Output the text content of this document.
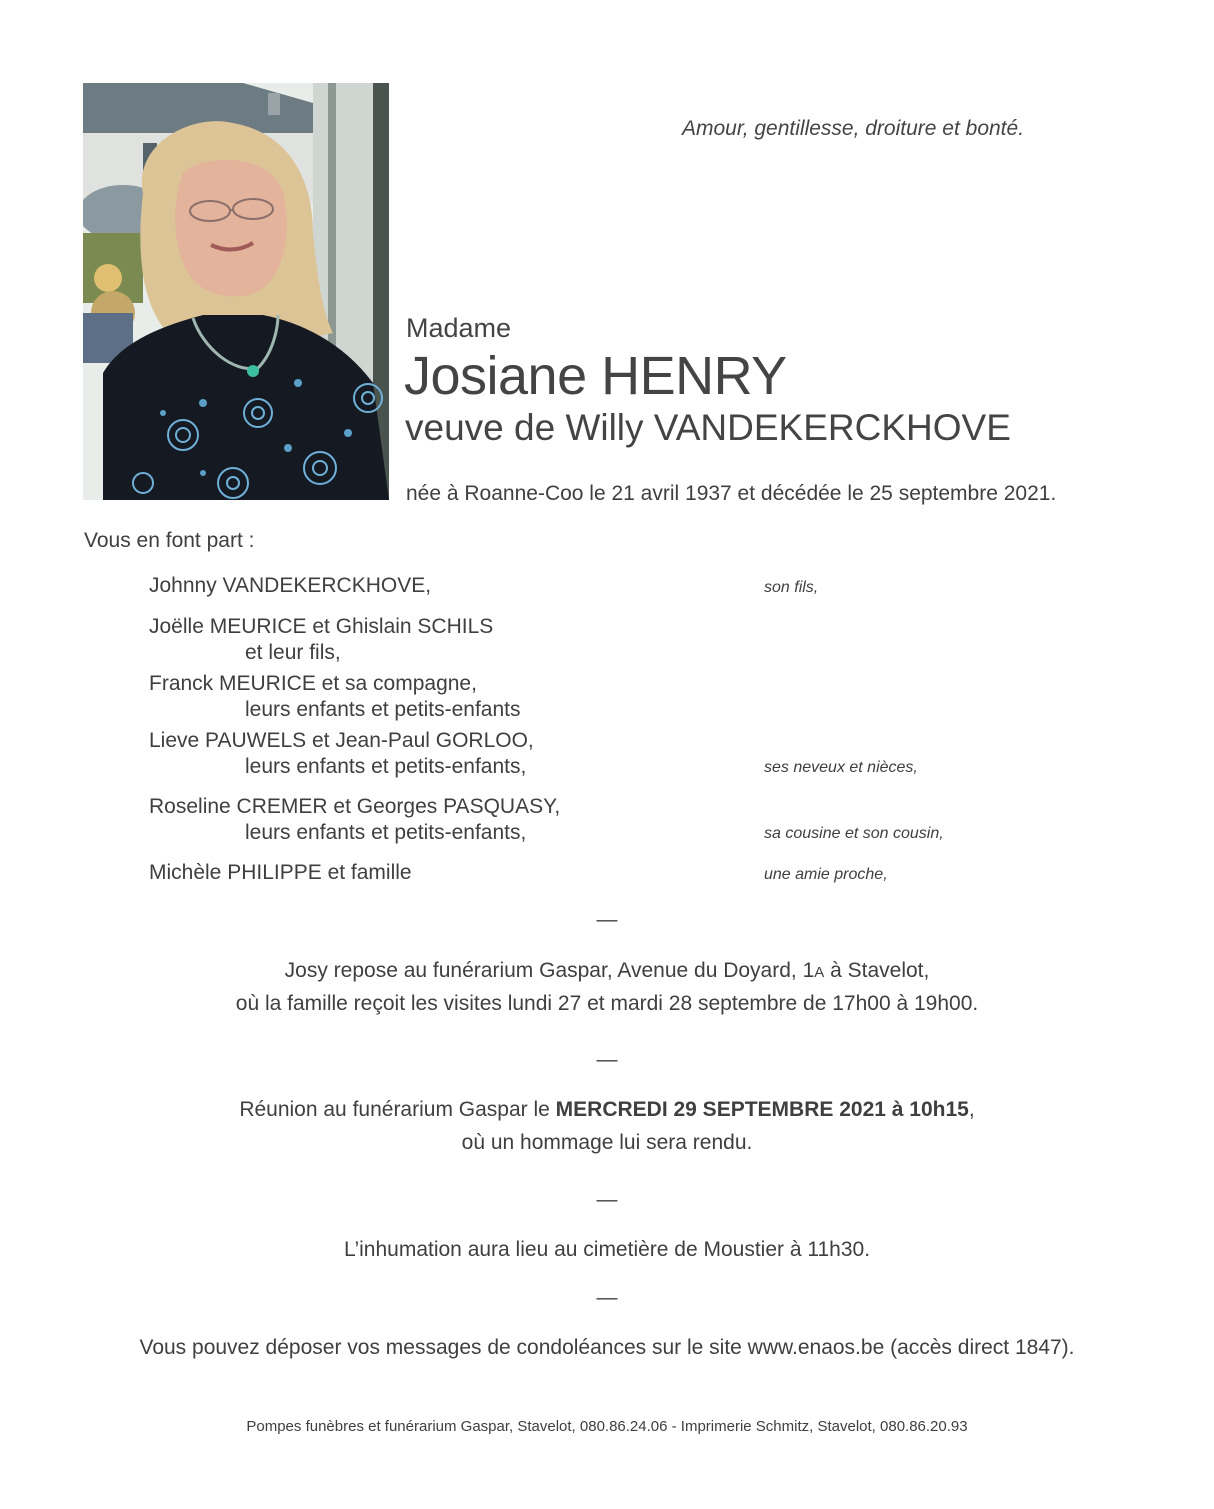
Amour, gentillesse, droiture et bonté.
Madame
Josiane HENRY
veuve de Willy VANDEKERCKHOVE
née à Roanne-Coo le 21 avril 1937 et décédée le 25 septembre 2021.
Vous en font part :
Johnny VANDEKERCKHOVE,	son fils,
Joëlle MEURICE et Ghislain SCHILS
et leur fils,
Franck MEURICE et sa compagne,
leurs enfants et petits-enfants
Lieve PAUWELS et Jean-Paul GORLOO,
leurs enfants et petits-enfants,	ses neveux et nièces,
Roseline CREMER et Georges PASQUASY,
leurs enfants et petits-enfants,	sa cousine et son cousin,
Michèle PHILIPPE et famille	une amie proche,
—
Josy repose au funérarium Gaspar, Avenue du Doyard, 1A à Stavelot,
où la famille reçoit les visites lundi 27 et mardi 28 septembre de 17h00 à 19h00.
—
Réunion au funérarium Gaspar le MERCREDI 29 SEPTEMBRE 2021 à 10h15,
où un hommage lui sera rendu.
—
L’inhumation aura lieu au cimetière de Moustier à 11h30.
—
Vous pouvez déposer vos messages de condoléances sur le site www.enaos.be (accès direct 1847).
Pompes funèbres et funérarium Gaspar, Stavelot, 080.86.24.06 - Imprimerie Schmitz, Stavelot, 080.86.20.93
